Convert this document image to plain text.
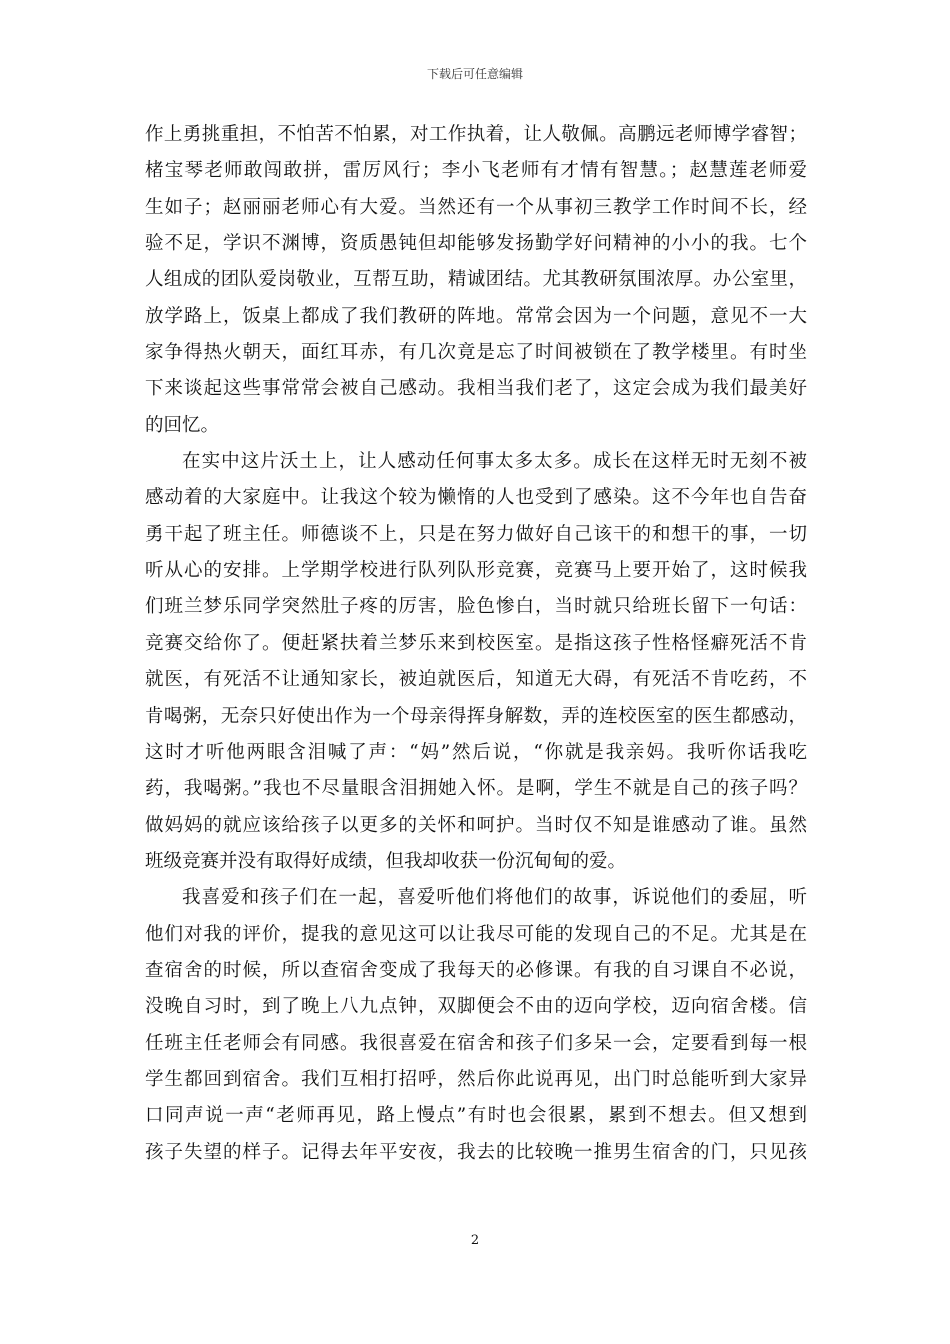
下载后可任意编辑
作上勇挑重担，不怕苦不怕累，对工作执着，让人敬佩。高鹏远老师博学睿智；
楮宝琴老师敢闯敢拼，雷厉风行；李小飞老师有才情有智慧。；赵慧莲老师爱
生如子；赵丽丽老师心有大爱。当然还有一个从事初三教学工作时间不长，经
验不足，学识不渊博，资质愚钝但却能够发扬勤学好问精神的小小的我。七个
人组成的团队爱岗敬业，互帮互助，精诚团结。尤其教研氛围浓厚。办公室里，
放学路上，饭桌上都成了我们教研的阵地。常常会因为一个问题，意见不一大
家争得热火朝天，面红耳赤，有几次竟是忘了时间被锁在了教学楼里。有时坐
下来谈起这些事常常会被自己感动。我相当我们老了，这定会成为我们最美好
的回忆。
在实中这片沃土上，让人感动任何事太多太多。成长在这样无时无刻不被
感动着的大家庭中。让我这个较为懒惰的人也受到了感染。这不今年也自告奋
勇干起了班主任。师德谈不上，只是在努力做好自己该干的和想干的事，一切
听从心的安排。上学期学校进行队列队形竞赛，竞赛马上要开始了，这时候我
们班兰梦乐同学突然肚子疼的厉害，脸色惨白，当时就只给班长留下一句话：
竞赛交给你了。便赶紧扶着兰梦乐来到校医室。是指这孩子性格怪癖死活不肯
就医，有死活不让通知家长，被迫就医后，知道无大碍，有死活不肯吃药，不
肯喝粥，无奈只好使出作为一个母亲得挥身解数，弄的连校医室的医生都感动，
这时才听他两眼含泪喊了声：“妈”然后说，“你就是我亲妈。我听你话我吃
药，我喝粥。”我也不尽量眼含泪拥她入怀。是啊，学生不就是自己的孩子吗？
做妈妈的就应该给孩子以更多的关怀和呵护。当时仅不知是谁感动了谁。虽然
班级竞赛并没有取得好成绩，但我却收获一份沉甸甸的爱。
我喜爱和孩子们在一起，喜爱听他们将他们的故事，诉说他们的委屈，听
他们对我的评价，提我的意见这可以让我尽可能的发现自己的不足。尤其是在
查宿舍的时候，所以查宿舍变成了我每天的必修课。有我的自习课自不必说，
没晚自习时，到了晚上八九点钟，双脚便会不由的迈向学校，迈向宿舍楼。信
任班主任老师会有同感。我很喜爱在宿舍和孩子们多呆一会，定要看到每一根
学生都回到宿舍。我们互相打招呼，然后你此说再见，出门时总能听到大家异
口同声说一声“老师再见，路上慢点”有时也会很累，累到不想去。但又想到
孩子失望的样子。记得去年平安夜，我去的比较晚一推男生宿舍的门，只见孩
2
